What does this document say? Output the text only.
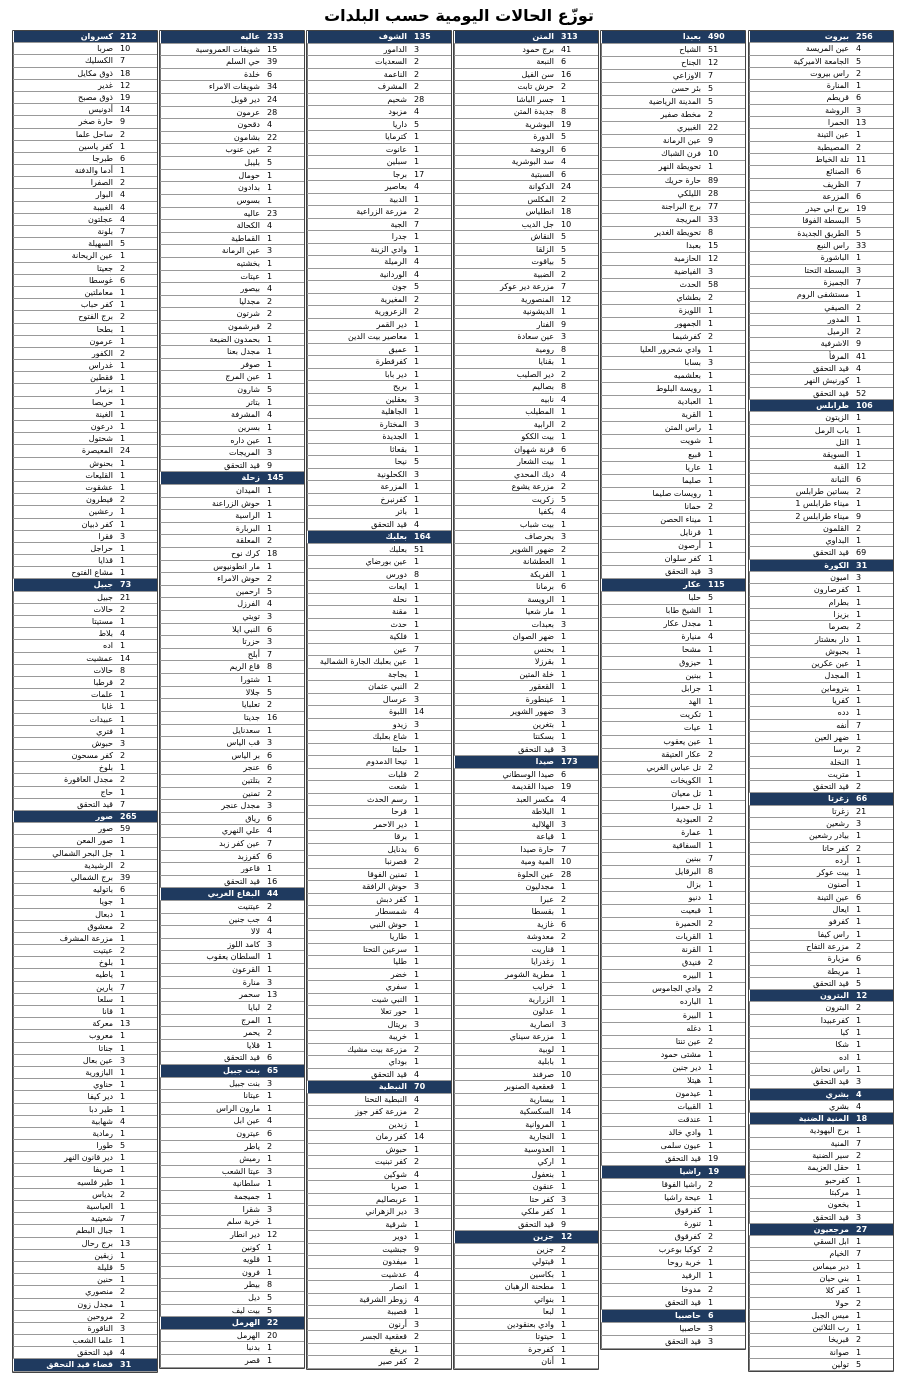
توزّع الحالات اليومية حسب البلدات
بيروت 256
عين المريسة 4
الجامعة الاميركية 5
راس بيروت 2
المنارة 1
قريطم 6
الروشة 3
الحمرا 13
عين التينة 1
المصيطبة 2
تلة الخياط 11
الصنائع 6
الظريف 7
المزرعة 6
برج ابي حيدر 19
البسطة الفوقا 5
الطريق الجديدة 5
راس النبع 33
الباشورة 1
البسطة التحتا 3
الجميزة 7
مستشفى الروم 1
الصيفي 2
المدور 1
الرميل 2
الاشرفية 9
المرفأ 41
قيد التحقق 4
كورنيش النهر 1
قيد التحقق 52
طرابلس 106
الزيتون 1
باب الرمل 1
التل 1
السويقة 1
القبة 12
التبانة 6
بساتين طرابلس 2
ميناء طرابلس 1 1
ميناء طرابلس 2 9
القلمون 2
البداوي 1
قيد التحقق 69
الكورة 31
اميون 3
كفرصارون 1
بطرام 1
بزيزا 1
بصرما 2
دار بعشتار 1
بحبوش 1
عين عكرين 1
المجدل 1
بتروماين 1
كفريا 1
دده 1
أنفه 7
ضهر العين 1
برسا 2
النخلة 1
متريت 1
قيد التحقق 2
زغرتا 66
زغرتا 21
رشعين 3
بيادر رشعين 1
كفر حاتا 2
أرده 1
بيت عوكر 1
أصنون 1
عين التينة 6
ايعال 1
كفرفو 1
راس كيفا 1
مزرعة التفاح 2
مزيارة 6
مريطة 1
قيد التحقق 5
البترون 12
البترون 2
كفرعبيدا 1
كبا 1
شكا 1
اده 1
راس نحاش 1
قيد التحقق 3
بشري 4
بشري 4
المنية الضنية 18
برج اليهودية 1
المنية 7
سير الضنية 2
حقل العزيمة 1
كفرحبو 1
مركبتا 1
بخعون 1
قيد التحقق 3
مرجعيون 27
ابل السقي 1
الخيام 7
دير ميماس 1
بني حيان 1
كفر كلا 1
حولا 2
ميس الجبل 1
رب الثلاثين 1
قبريخا 2
صوانة 1
تولين 5
بعبدا 490
الشياح 51
الجناح 12
الاوزاعي 7
بئر حسن 5
المدينة الرياضية 5
مخطة صفير 2
الغبيري 22
عين الرمانة 9
فرن الشباك 10
تحويطة النهر 1
حارة حريك 89
الليلكي 28
برج البراجنة 77
المريجة 33
تحويطة الغدير 8
بعبدا 15
الحازمية 12
الفياضية 3
الحدث 58
بطشاي 2
اللويزة 1
الجمهور 1
كفرشيما 2
وادي شحرور العليا 1
بسابا 3
بعلشميه 1
رويسة البلوط 1
العبادية 1
القرية 1
راس المتن 1
شويت 1
قبيع 1
عاريا 1
صليما 1
رويسات صليما 1
حمانا 2
ميناء الحصن 1
قرنايل 1
أرصون 1
كفر سلوان 1
قيد التحقق 3
عكار 115
حلبا 5
الشيخ طابا 1
مجدل عكار 1
منيارة 4
مشحا 1
حيزوق 1
ببنين 1
جرابل 1
الهد 1
تكريت 1
عيات 1
عين يعقوب 1
عكار العتيقة 2
تل عباس الغربي 2
الكويخات 1
تل معيان 1
تل حميرا 1
العبودية 2
عمارة 1
السفاقية 1
ببنين 7
البرقايل 8
بزال 1
دنيو 1
قبعيت 1
الحميرة 2
القريات 1
القرنة 1
فنيدق 2
البيره 1
وادي الجاموس 2
البارده 1
البيرة 1
دغله 1
عين تنتا 2
مشتى حمود 1
دير جنين 1
هيتلا 1
عيدمون 1
القبيات 1
عندقت 1
وادي خالد 1
عيون سلمى 1
قيد التحقق 19
راشيا 19
راشيا الفوقا 2
عيحة راشيا 1
كفرقوق 1
تنورة 1
كفرقوق 2
كوكبا بوعرب 2
خربة روحا 1
الرفيد 1
مدوخا 2
قيد التحقق 1
حاصبيا 6
حاصبيا 3
قيد التحقق 3
المتن 313
برج حمود 41
النبعة 6
سن الفيل 16
حرش تابت 2
جسر الباشا 1
جديدة المتن 8
البوشرية 19
الدورة 5
الروضة 6
سد البوشرية 4
السبتية 6
الدكوانة 24
المكلس 2
انطلياس 18
جل الديب 10
النقاش 5
الزلقا 5
بياقوت 5
الضبية 2
مزرعة دير عوكر 7
المنصورية 12
الديشونية 1
الفنار 9
عين سعادة 3
رومية 8
بقنايا 1
دير الصليب 2
بصاليم 8
نابيه 4
المطيلب 1
الرابية 2
بيت الككو 1
قرنة شهوان 6
بيت الشعار 1
ديك المحدي 4
مزرعة يشوع 2
زكريت 5
بكفيا 4
بيت شباب 1
بحرصاف 3
ضهور الشوير 2
العطشانة 1
الفريكة 1
برمانا 6
الرويسة 1
مار شعيا 1
بعبدات 3
ضهر الصوان 1
بحنس 1
بقرزلا 1
خلة المتين 1
القعقور 1
عينطورة 1
ضهور الشوير 3
بتغرين 1
بسكنتا 1
قيد التحقق 3
صيدا 173
صيدا الوسطاني 6
صيدا القديمة 19
مكسر العبد 4
البلاطة 1
الهلالية 3
قياعة 1
حارة صيدا 7
المية ومية 10
عين الحلوة 28
مجدليون 1
عبرا 2
بقسطا 1
غازية 6
معدوشة 2
قناريت 1
زغدرايا 1
مطرية الشومر 1
خرايب 1
الزرارية 1
عدلون 1
انصارية 3
مزرعة سيناي 1
لوبية 1
بابلية 1
صرفند 10
قعقعية الصنوبر 1
بيسارية 1
السكسكية 14
المروانية 1
النجارية 1
العدوسية 1
اركي 1
بنعفول 1
عنقون 1
كفر حتا 3
كفر ملكي 1
قيد التحقق 9
جزين 12
جزين 2
قيتولي 1
بكاسين 1
مطحنة الرهبان 1
بنواتي 1
لبعا 1
وادي بعنقودين 1
حيتوتا 1
كفرجرة 1
أنان 1
الشوف 135
الدامور 3
السعديات 2
الناعمة 2
المشرف 2
شحيم 28
مزبود 4
داريا 5
كترمايا 1
عانوت 1
سبلين 1
برجا 17
بعاصير 4
الدبية 1
مزرعة الزراعية 2
الجية 7
جدرا 1
وادي الزينة 1
الرميلة 4
الوردانية 4
جون 5
المغيرية 2
الزعرورية 2
دير القمر 1
معاصير بيت الدين 1
عميق 1
كفرقطرة 1
دير بابا 1
بريح 1
بعقلين 3
الجاهلية 1
المختارة 3
الجديدة 1
بقعاثا 1
نيحا 5
الكحلونية 3
المزرعة 1
كفرنبرخ 1
باتر 1
قيد التحقق 4
بعلبك 164
بعلبك 51
عين بورضاي 1
دورس 8
ايعات 1
نحلة 1
مقنة 1
حدث 1
فلكية 1
عين 7
عين بعلبك الجارة الشمالية 1
بجاجة 1
النبي عثمان 2
عرسال 3
اللبوة 14
زيدو 3
شاع بعلبك 1
حلبتا 1
تيحا الدمدوم 1
قلبات 2
شعت 1
رسم الحدث 1
قرحا 1
دير الاحمر 1
برقا 1
بدنايل 6
قصرنبا 2
تمنين الفوقا 1
حوش الرافقة 3
كفر دبش 1
شمسطار 4
حوش النبي 1
طاريا 1
سرعين التحتا 1
طليا 1
خضر 1
سفري 1
النبي شيت 1
حور تعلا 1
بريتال 3
خريبة 1
مزرعة بيت مشيك 2
بوداي 1
قيد التحقق 4
النبطية 70
النبطية التحتا 4
مزرعة كفر جوز 2
زبدين 1
كفر رمان 14
حبوش 1
كفر تبنيت 2
شوكين 4
صربا 1
عربصاليم 1
دير الزهراني 3
شرقية 1
دوير 1
جبشيت 9
ميفدون 1
عدشيت 4
انصار 1
زوطر الشرقية 4
قصيبة 1
أرنون 3
قعقعية الجسر 2
بريقع 1
كفر صير 2
عاليه 233
شويفات العمروسية 15
حي السلم 39
خلدة 6
شويفات الامراء 34
دير قوبل 24
عرمون 28
دقحون 4
بشامون 22
عين عنوب 2
بليبل 5
حومال 1
بدادون 1
بسوس 1
عاليه 23
الكحالة 4
القماطية 1
عين الرمانة 3
بخشتيه 1
عيتات 1
بيصور 4
مجدليا 2
شرتون 2
قبرشمون 2
بحمدون الضيعة 1
مجدل بعنا 1
صوفر 1
عين المرج 1
شارون 5
بتاتر 1
المشرفة 4
بسرين 1
عين داره 1
المريجات 3
قيد التحقق 9
زحلة 145
الميدان 1
حوش الزراعنة 1
الراسية 1
البربارة 1
المعلقة 2
كرك نوح 18
مار انطونيوس 1
حوش الامراء 2
ارحمين 5
الفرزل 4
تويتي 3
النبي ايلا 6
حزرتا 3
أبلح 7
قاع الريم 8
شتورا 1
جلالا 5
تعلبايا 2
جديتا 16
سعدنايل 1
قب الياس 3
بر الياس 6
عنجر 6
بتلتين 2
تمنين 2
مجدل عنجر 3
رياق 6
علي النهري 4
عين كفر زبد 7
كفرزبد 6
قاعور 1
قيد التحقق 16
البقاع الغربي 44
عيتنيت 2
جب جنين 4
لالا 4
كامد اللوز 3
السلطان يعقوب 1
القرعون 1
منارة 3
سحمر 13
لبايا 2
المرج 1
يحمر 2
قلايا 1
قيد التحقق 6
بنت جبيل 65
بنت جبيل 3
عيتانا 1
مارون الراس 1
عين ابل 4
عيترون 6
ياطر 2
رميش 1
عيتا الشعب 3
سلطانية 1
جميجمة 1
شقرا 3
خربة سلم 1
دير انطار 12
كونين 1
قلويه 1
فرون 1
بيطر 8
ديل 5
بيت ليف 5
الهرمل 22
الهرمل 20
بدنبا 1
قصر 1
كسروان 212
صربا 10
الكسليك 7
ذوق مكايل 18
غدير 12
ذوق مصبح 19
أدونيس 14
حارة صخر 9
ساحل علما 2
كفر ياسين 1
طبرجا 6
أدما والدفنة 1
الصفرا 2
البوار 4
الغبيبة 4
عجلتون 4
بلونة 7
السهيلة 5
عين الريحانة 1
جعيتا 2
غوسطا 6
معاملتين 1
كفر حباب 1
برج الفتوح 2
بطحا 1
عرمون 1
الكفور 2
غدراس 1
فقطين 1
بزمار 1
حريصا 1
الغينة 1
درعون 1
شحتول 1
المعيصرة 24
بحنوش 1
القليعات 1
عشقوت 1
فيطرون 2
رعشين 1
كفر ذبيان 1
فقرا 3
حراجل 1
قذايا 1
مشاع الفتوح 1
جبيل 73
جبيل 21
حالات 2
مستيتا 1
بلاط 4
اده 1
عمشيت 14
حالات 8
قرطبا 2
علمات 1
غابا 1
عبيدات 1
فتري 1
حبوش 3
كفر مسحون 2
بلوخ 1
مجدل العاقورة 2
حاج 1
قيد التحقق 7
صور 265
صور 59
صور المعن 1
جل البحر الشمالي 1
الرشيدية 2
برج الشمالي 39
باتوليه 6
جويا 1
دبعال 1
معشوق 2
مزرعة المشرف 1
عيتيت 2
بلوخ 1
ياطيه 1
يارين 7
سلعا 1
قانا 1
معركة 13
معروب 1
جناتا 1
عين بعال 3
البازورية 1
حناوي 1
دير كيفا 1
طير دبا 1
شهابية 4
رمادية 1
طورا 5
دير قانون النهر 1
صريفا 1
طير فلسيه 1
بدياس 2
العباسية 1
شعيتية 7
جبال البطم 1
برج رحال 13
زبقين 1
قليلة 5
حنين 1
منصوري 2
مجدل زون 1
مروحين 2
الناقورة 3
علما الشعب 1
قيد التحقق 4
قضاء قيد التحقق 31
